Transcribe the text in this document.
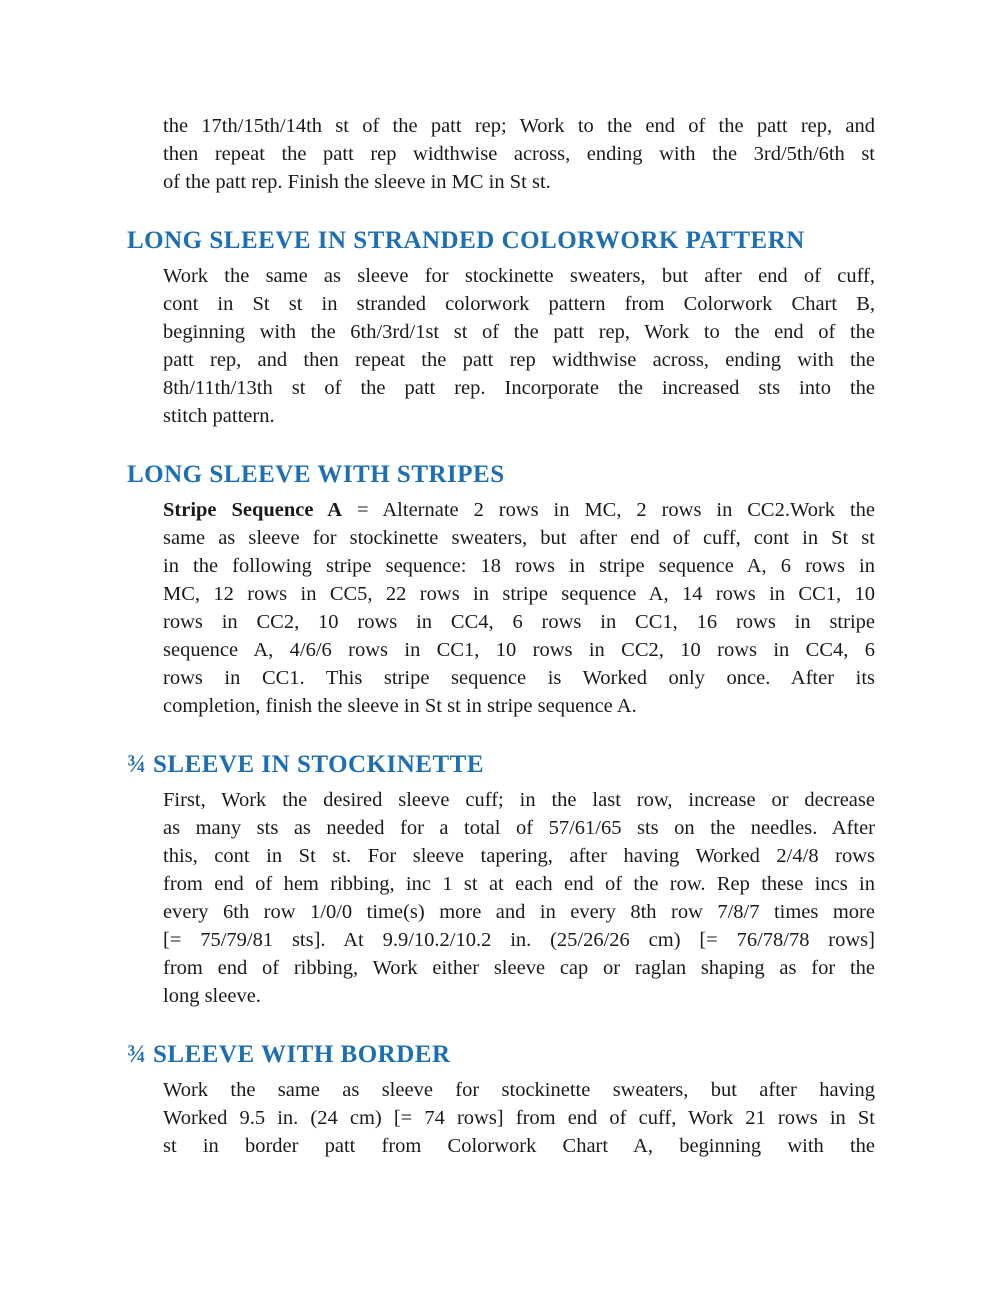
the 17th/15th/14th st of the patt rep; Work to the end of the patt rep, and
then repeat the patt rep widthwise across, ending with the 3rd/5th/6th st
of the patt rep. Finish the sleeve in MC in St st.
LONG SLEEVE IN STRANDED COLORWORK PATTERN
Work the same as sleeve for stockinette sweaters, but after end of cuff,
cont in St st in stranded colorwork pattern from Colorwork Chart B,
beginning with the 6th/3rd/1st st of the patt rep, Work to the end of the
patt rep, and then repeat the patt rep widthwise across, ending with the
8th/11th/13th st of the patt rep. Incorporate the increased sts into the
stitch pattern.
LONG SLEEVE WITH STRIPES
Stripe Sequence A = Alternate 2 rows in MC, 2 rows in CC2.Work the
same as sleeve for stockinette sweaters, but after end of cuff, cont in St st
in the following stripe sequence: 18 rows in stripe sequence A, 6 rows in
MC, 12 rows in CC5, 22 rows in stripe sequence A, 14 rows in CC1, 10
rows in CC2, 10 rows in CC4, 6 rows in CC1, 16 rows in stripe
sequence A, 4/6/6 rows in CC1, 10 rows in CC2, 10 rows in CC4, 6
rows in CC1. This stripe sequence is Worked only once. After its
completion, finish the sleeve in St st in stripe sequence A.
¾ SLEEVE IN STOCKINETTE
First, Work the desired sleeve cuff; in the last row, increase or decrease
as many sts as needed for a total of 57/61/65 sts on the needles. After
this, cont in St st. For sleeve tapering, after having Worked 2/4/8 rows
from end of hem ribbing, inc 1 st at each end of the row. Rep these incs in
every 6th row 1/0/0 time(s) more and in every 8th row 7/8/7 times more
[= 75/79/81 sts]. At 9.9/10.2/10.2 in. (25/26/26 cm) [= 76/78/78 rows]
from end of ribbing, Work either sleeve cap or raglan shaping as for the
long sleeve.
¾ SLEEVE WITH BORDER
Work the same as sleeve for stockinette sweaters, but after having
Worked 9.5 in. (24 cm) [= 74 rows] from end of cuff, Work 21 rows in St
st in border patt from Colorwork Chart A, beginning with the
